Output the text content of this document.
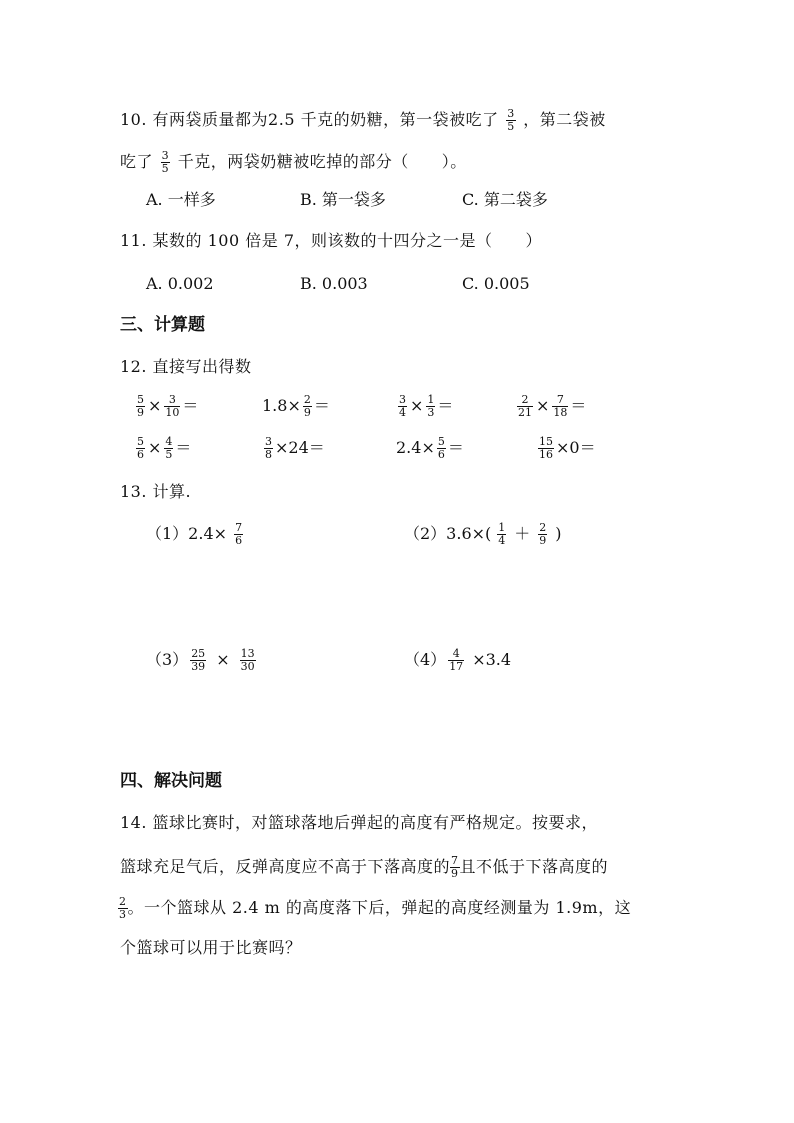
10. 有两袋质量都为2.5 千克的奶糖，第一袋被吃了 $\frac{3}{5}$ ，第二袋被
吃了 $\frac{3}{5}$ 千克，两袋奶糖被吃掉的部分（　　）。
A. 一样多	B. 第一袋多	C. 第二袋多
11. 某数的 100 倍是 7，则该数的十四分之一是（　　）
A. 0.002	B. 0.003	C. 0.005
三、计算题
12. 直接写出得数
$\frac{5}{9} \times \frac{3}{10}$ ＝	$1.8\times \frac{2}{9}$ ＝	$\frac{3}{4} \times \frac{1}{3}$ ＝	$\frac{2}{21} \times \frac{7}{18}$ ＝
$\frac{5}{6} \times \frac{4}{5}$ ＝	$\frac{3}{8} \times 24=$	$2.4\times \frac{5}{6}$ ＝	$\frac{15}{16} \times 0=$
13. 计算.
$(1)2.4\times \frac{7}{6}$	$(2)3.6\times( \frac{1}{4} + \frac{2}{9}$ )
$(3) \frac{25}{39} \times \frac{13}{30}$	$(4) \frac{4}{17} \times 3.4$
四、解决问题
14. 篮球比赛时，对篮球落地后弹起的高度有严格规定。按要求，
篮球充足气后，反弹高度应不高于下落高度的 $\frac{7}{9}$ 且不低于下落高度的
$\frac{2}{3}$ 。一个篮球从 2.4 m 的高度落下后，弹起的高度经测量为 1.9m，这
个篮球可以用于比赛吗？
